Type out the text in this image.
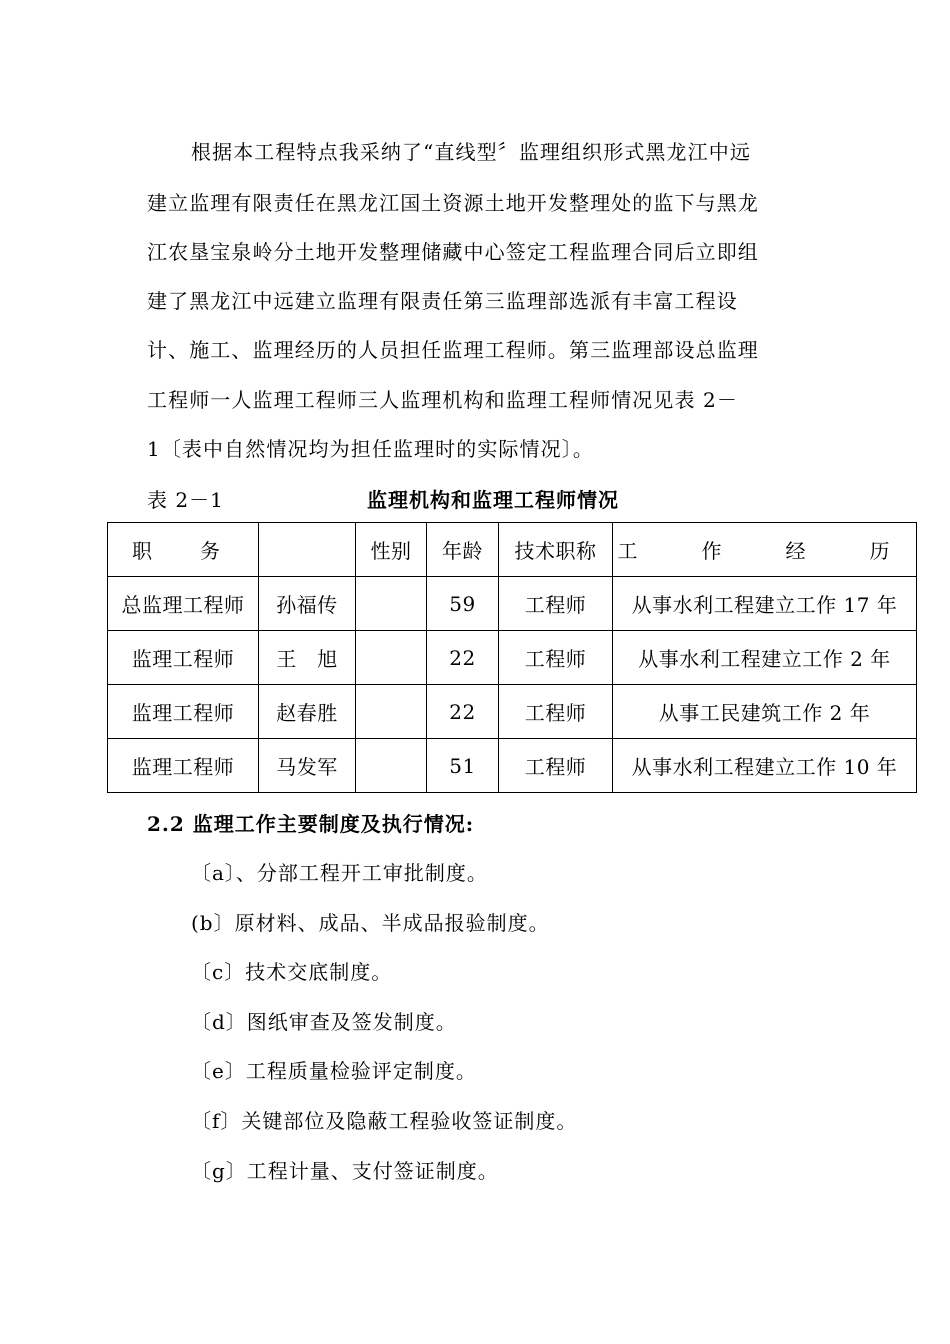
根据本工程特点我采纳了“直线型〞监理组织形式黑龙江中远
建立监理有限责任在黑龙江国土资源土地开发整理处的监下与黑龙
江农垦宝泉岭分土地开发整理储藏中心签定工程监理合同后立即组
建了黑龙江中远建立监理有限责任第三监理部选派有丰富工程设
计、施工、监理经历的人员担任监理工程师。第三监理部设总监理
工程师一人监理工程师三人监理机构和监理工程师情况见表 2－
1〔表中自然情况均为担任监理时的实际情况〕。
表 2－1	监理机构和监理工程师情况
职　务		性别	年龄	技术职称	工　作　经　历
总监理工程师	孙福传		59	工程师	从事水利工程建立工作 17 年
监理工程师	王　旭		22	工程师	从事水利工程建立工作 2 年
监理工程师	赵春胜		22	工程师	从事工民建筑工作 2 年
监理工程师	马发军		51	工程师	从事水利工程建立工作 10 年
2.2 监理工作主要制度及执行情况:
〔a〕、分部工程开工审批制度。
(b〕原材料、成品、半成品报验制度。
〔c〕技术交底制度。
〔d〕图纸审查及签发制度。
〔e〕工程质量检验评定制度。
〔f〕关键部位及隐蔽工程验收签证制度。
〔g〕工程计量、支付签证制度。
